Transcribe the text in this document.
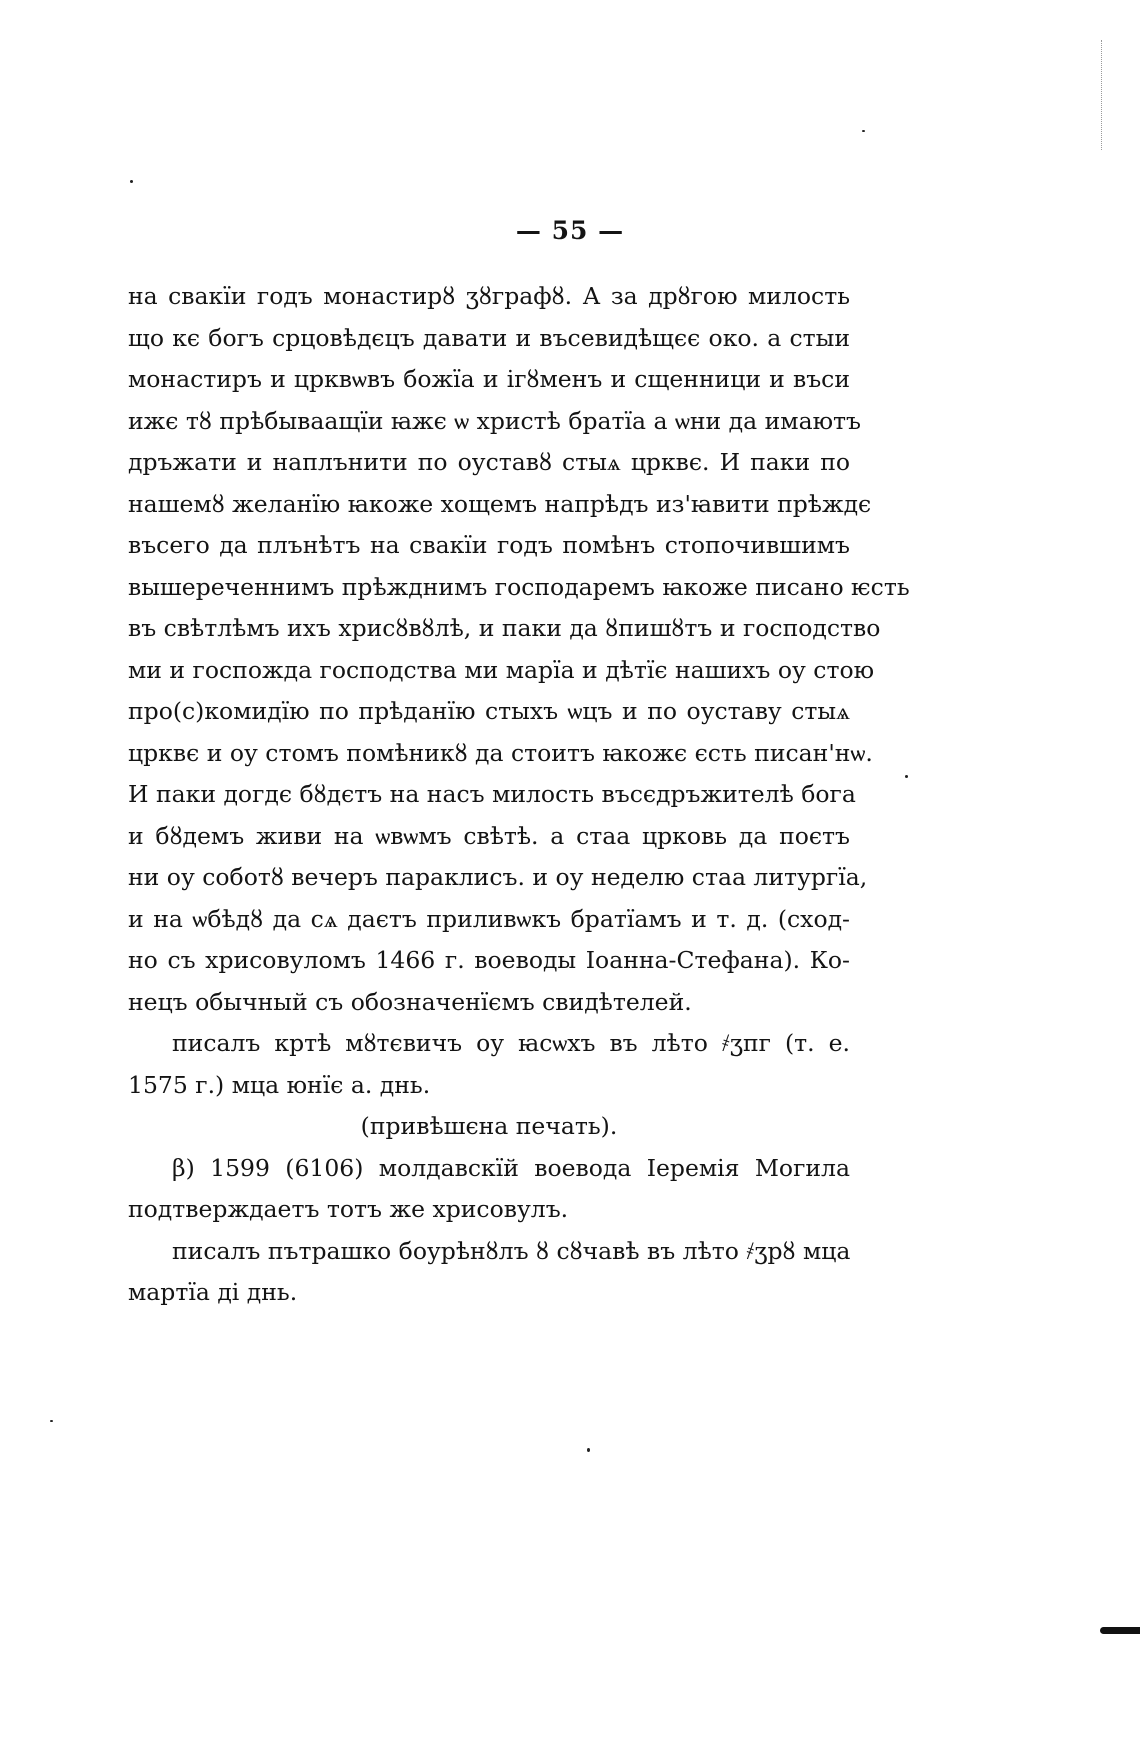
— 55 —
на свакїи годъ монастирȣ ʒȣграфȣ. А за дрȣгою милость
що кє богъ срцовѣдєцъ давати и въсевидѣщєє око. а стыи
монастиръ и црквѡвъ божїа и ігȣменъ и сщенници и въси
ижє тȣ прѣбываащїи ꙗжє ѡ христѣ братїа а ѡни да имаютъ
дръжати и наплънити по оуставȣ стыѧ црквє. И паки по
нашемȣ желанїю ꙗкоже хощемъ напрѣдъ из'ꙗвити прѣждє
въсего да плънѣтъ на свакїи годъ помѣнъ стопочившимъ
вышереченнимъ прѣжднимъ господаремъ ꙗкоже писано ѥсть
въ свѣтлѣмъ ихъ хрисȣвȣлѣ, и паки да ȣпишȣтъ и господство
ми и госпожда господства ми марїа и дѣтїє нашихъ оу стою
про(с)комидїю по прѣданїю стыхъ ѡцъ и по оуставу стыѧ
црквє и оу стомъ помѣникȣ да стоитъ ꙗкожє єсть писан'нѡ.
И паки догдє бȣдєтъ на насъ милость въсєдръжителѣ бога
и бȣдемъ живи на ѡвѡмъ свѣтѣ. а стаа црковь да поєтъ
ни оу соботȣ вечеръ параклисъ. и оу неделю стаа литургїа,
и на ѡбѣдȣ да сѧ даєтъ приливѡкъ братїамъ и т. д. (сход-
но съ хрисовуломъ 1466 г. воеводы Іоанна-Стефана). Ко-
нецъ обычный съ обозначенїємъ свидѣтелей.
писалъ кртѣ мȣтєвичъ оу ꙗсѡхъ въ лѣто ҂ʒпг (т. е.
1575 г.) мца юнїє а. днь.
(привѣшєна печать).
β) 1599 (6106) молдавскїй воевода Іеремія Могила
подтверждаетъ тотъ же хрисовулъ.
писалъ пътрашко боурѣнȣлъ ȣ сȣчавѣ въ лѣто ҂ʒрȣ мца
мартїа ді днь.
